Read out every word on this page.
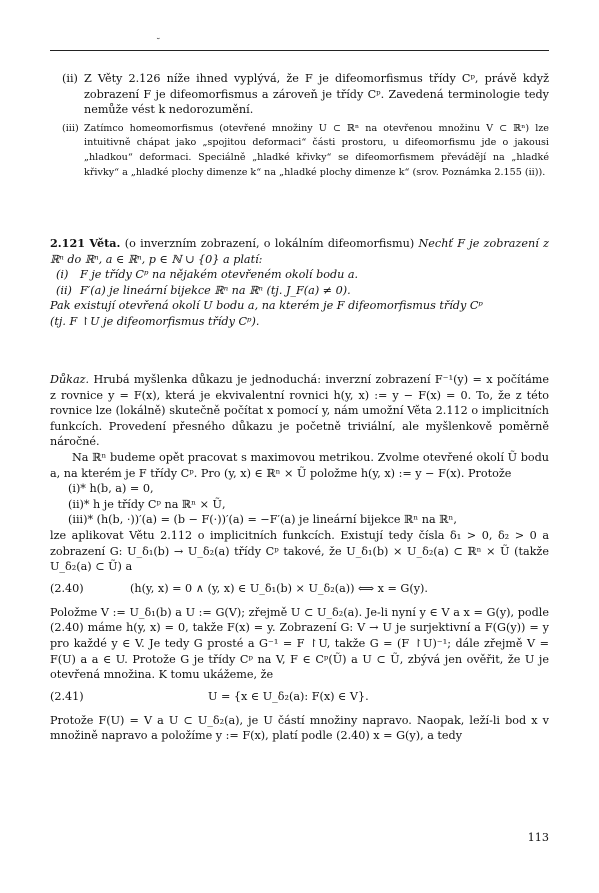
˘
(ii) Z Věty 2.126 níže ihned vyplývá, že F je difeomorfismus třídy Cᵖ, právě když zobrazení F je difeomorfismus a zároveň je třídy Cᵖ. Zavedená terminologie tedy nemůže vést k nedorozumění.
(iii) Zatímco homeomorfismus (otevřené množiny U ⊂ ℝⁿ na otevřenou množinu V ⊂ ℝⁿ) lze intuitivně chápat jako „spojitou deformaci“ části prostoru, u difeomorfismu jde o jakousi „hladkou“ deformaci. Speciálně „hladké křivky“ se difeomorfismem převádějí na „hladké křivky“ a „hladké plochy dimenze k“ na „hladké plochy dimenze k“ (srov. Poznámka 2.155 (ii)).
2.121 Věta. (o inverzním zobrazení, o lokálním difeomorfismu) Nechť F je zobrazení z ℝⁿ do ℝⁿ, a ∈ ℝⁿ, p ∈ ℕ ∪ {0} a platí:
(i) F je třídy Cᵖ na nějakém otevřeném okolí bodu a.
(ii) F′(a) je lineární bijekce ℝⁿ na ℝⁿ (tj. J_F(a) ≠ 0).
Pak existují otevřená okolí U bodu a, na kterém je F difeomorfismus třídy Cᵖ
(tj. F ↾U je difeomorfismus třídy Cᵖ).
Důkaz. Hrubá myšlenka důkazu je jednoduchá: inverzní zobrazení F⁻¹(y) = x počítáme z rovnice y = F(x), která je ekvivalentní rovnici h(y, x) := y − F(x) = 0. To, že z této rovnice lze (lokálně) skutečně počítat x pomocí y, nám umožní Věta 2.112 o implicitních funkcích. Provedení přesného důkazu je početně triviální, ale myšlenkově poměrně náročné.
Na ℝⁿ budeme opět pracovat s maximovou metrikou. Zvolme otevřené okolí Ũ bodu a, na kterém je F třídy Cᵖ. Pro (y, x) ∈ ℝⁿ × Ũ položme h(y, x) := y − F(x). Protože
(i)* h(b, a) = 0,
(ii)* h je třídy Cᵖ na ℝⁿ × Ũ,
(iii)* (h(b, ·))′(a) = (b − F(·))′(a) = −F′(a) je lineární bijekce ℝⁿ na ℝⁿ,
lze aplikovat Větu 2.112 o implicitních funkcích. Existují tedy čísla δ₁ > 0, δ₂ > 0 a zobrazení G: U_δ₁(b) → U_δ₂(a) třídy Cᵖ takové, že U_δ₁(b) × U_δ₂(a) ⊂ ℝⁿ × Ũ (takže U_δ₂(a) ⊂ Ũ) a
(2.40)	(h(y, x) = 0 ∧ (y, x) ∈ U_δ₁(b) × U_δ₂(a)) ⟺ x = G(y).
Položme V := U_δ₁(b) a U := G(V); zřejmě U ⊂ U_δ₂(a). Je-li nyní y ∈ V a x = G(y), podle (2.40) máme h(y, x) = 0, takže F(x) = y. Zobrazení G: V → U je surjektivní a F(G(y)) = y pro každé y ∈ V. Je tedy G prosté a G⁻¹ = F ↾U, takže G = (F ↾U)⁻¹; dále zřejmě V = F(U) a a ∈ U. Protože G je třídy Cᵖ na V, F ∈ Cᵖ(Ũ) a U ⊂ Ũ, zbývá jen ověřit, že U je otevřená množina. K tomu ukážeme, že
(2.41)	U = {x ∈ U_δ₂(a): F(x) ∈ V}.
Protože F(U) = V a U ⊂ U_δ₂(a), je U částí množiny napravo. Naopak, leží-li bod x v množině napravo a položíme y := F(x), platí podle (2.40) x = G(y), a tedy
113
